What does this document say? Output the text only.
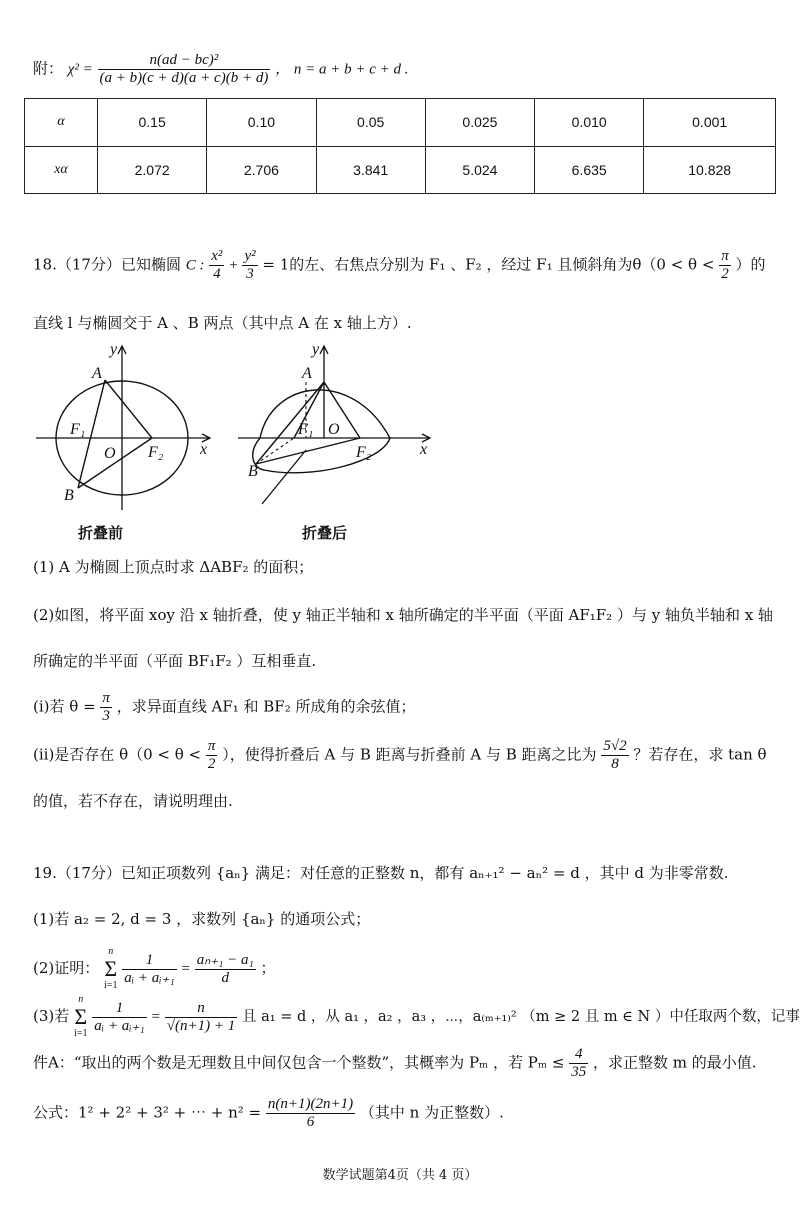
附： $\chi^2 = \frac{\text{n(ad − bc)²}}{(a + b)(c + d)(a + c)(b + d)}$ ， n = a + b + c + d .
α	0.15	0.10	0.05	0.025	0.010	0.001
xα	2.072	2.706	3.841	5.024	6.635	10.828
18.（17分）已知椭圆 C : $\frac{\text{x²}}{4} + \frac{\text{y²}}{3} = 1$的左、右焦点分别为 F₁ 、F₂ ，经过 F₁ 且倾斜角为$\theta(0 < \theta < \frac{\pi}{2}$ ）的
直线 l 与椭圆交于 A 、B 两点（其中点 A 在 x 轴上方）.
y
A
F₁
O F₂ x
B
折叠前
y
A
F₁ O
F₂	x
B
折叠后
(1) A 为椭圆上顶点时求 ΔABF₂ 的面积；
(2)如图，将平面 xoy 沿 x 轴折叠，使 y 轴正半轴和 x 轴所确定的半平面（平面 AF₁F₂ ）与 y 轴负半轴和 x 轴
所确定的半平面（平面 BF₁F₂ ）互相垂直.
(i)若 $\theta = \frac{\pi}{3}$ ，求异面直线 AF₁ 和 BF₂ 所成角的余弦值；
(ii)是否存在 $\theta(0 < \theta < \frac{\pi}{2}$ ），使得折叠后 A 与 B 距离与折叠前 A 与 B 距离之比为 $\frac{5√2}{8}$ ？若存在，求 tan θ
的值，若不存在，请说明理由.
19.（17分）已知正项数列 {aₙ} 满足：对任意的正整数 n，都有 aₙ₊₁² − aₙ² = d ，其中 d 为非零常数.
(1)若 a₂ = 2, d = 3 ，求数列 {aₙ} 的通项公式；
(2)证明：
n
Σ
i=1
$\frac{1}{\text{aᵢ + aᵢ₊₁}} = \frac{\text{aₙ₊₁ − a₁}}{d}$ ；
(3)若
n
Σ
i=1
$\frac{1}{\text{aᵢ + aᵢ₊₁}} = \frac{n}{√(n+1) + 1}$ 且 a₁ = d ，从 a₁ ，a₂ ，a₃ ，⋯，a₍ₘ₊₁₎² （m ≥ 2 且 m ∈ N ）中任取两个数，记事
件A：“取出的两个数是无理数且中间仅包含一个整数”，其概率为 Pₘ ，若 $P_m \le \frac{4}{35}$ ，求正整数 m 的最小值.
公式：1² + 2² + 3² + ⋯ + $n^2 = \frac{n(n+1)(2n+1)}{6}$ （其中 n 为正整数）.
数学试题第4页（共 4 页）
